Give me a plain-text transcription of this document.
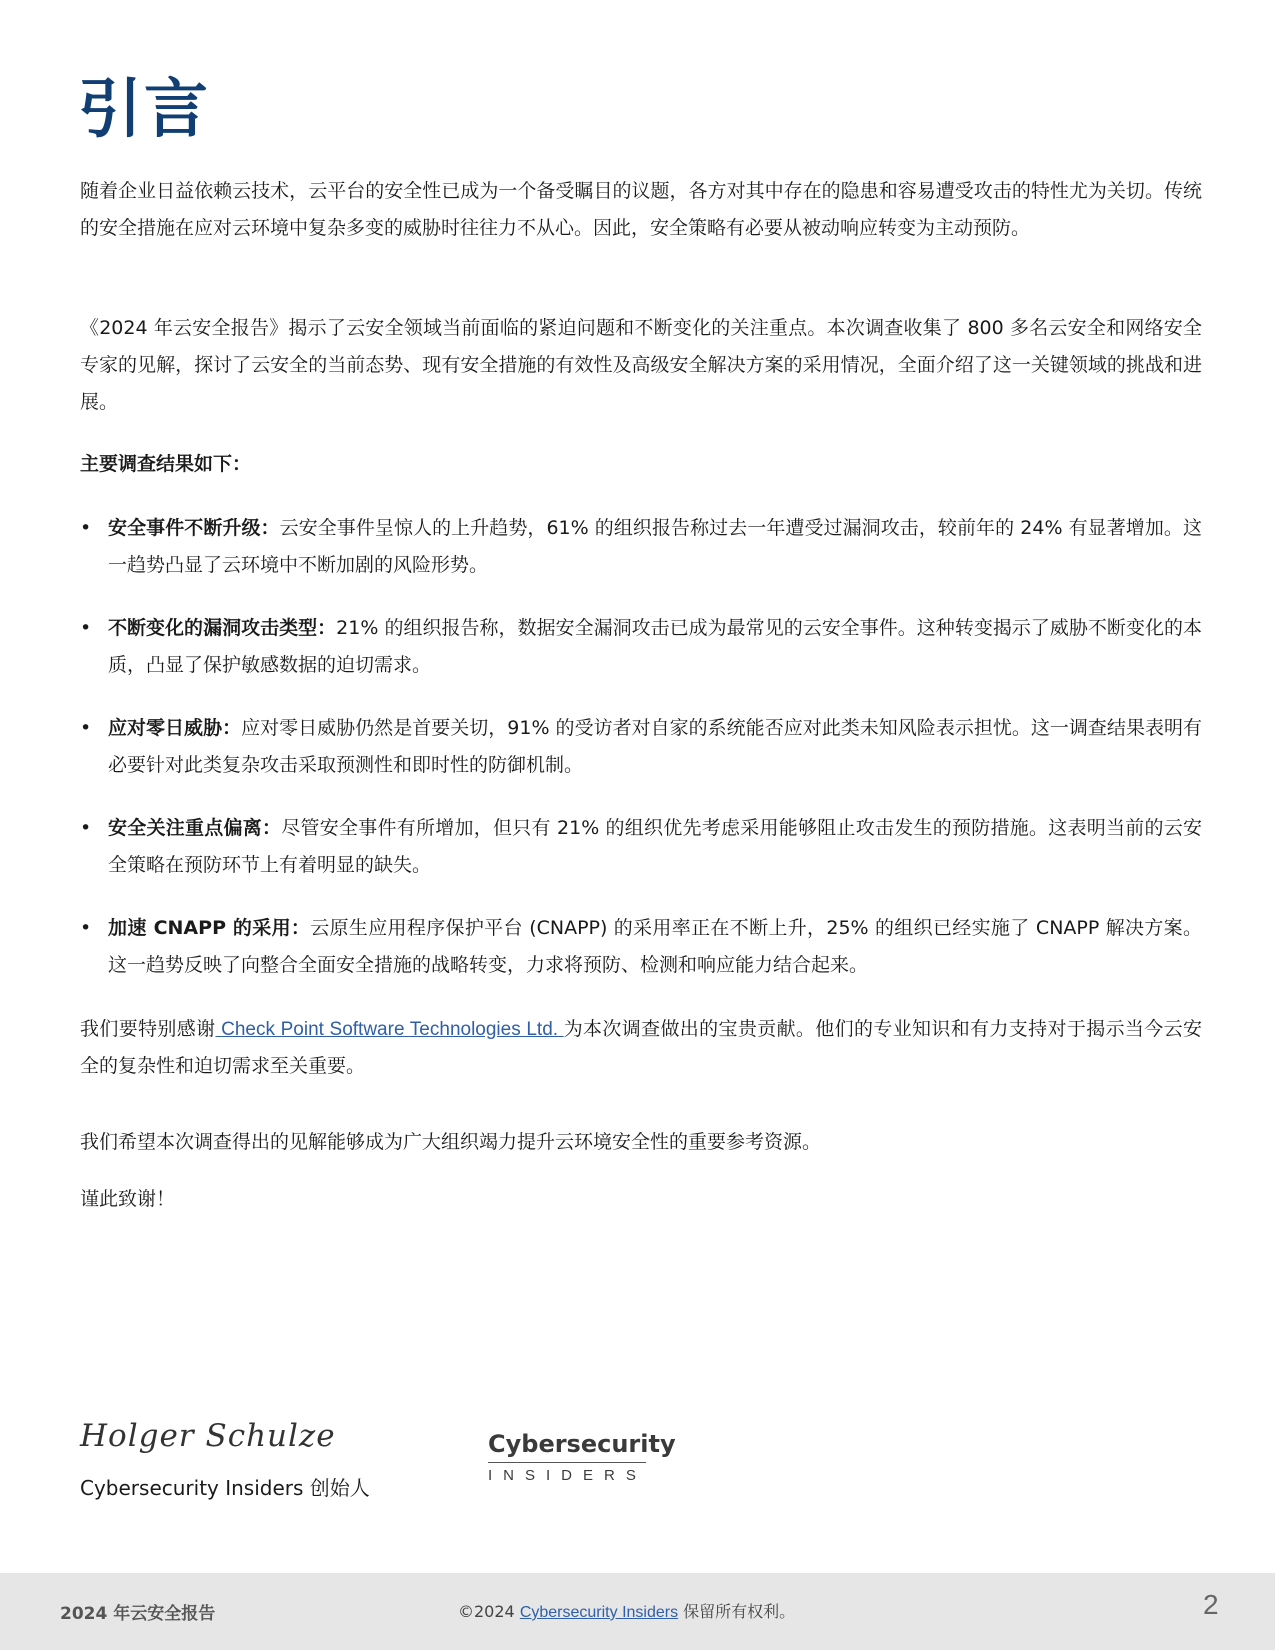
引言
随着企业日益依赖云技术，云平台的安全性已成为一个备受瞩目的议题，各方对其中存在的隐患和容易遭受攻击的特性尤为关切。传统的安全措施在应对云环境中复杂多变的威胁时往往力不从心。因此，安全策略有必要从被动响应转变为主动预防。
《2024 年云安全报告》揭示了云安全领域当前面临的紧迫问题和不断变化的关注重点。本次调查收集了 800 多名云安全和网络安全专家的见解，探讨了云安全的当前态势、现有安全措施的有效性及高级安全解决方案的采用情况，全面介绍了这一关键领域的挑战和进展。
主要调查结果如下：
• 安全事件不断升级：云安全事件呈惊人的上升趋势，61% 的组织报告称过去一年遭受过漏洞攻击，较前年的 24% 有显著增加。这一趋势凸显了云环境中不断加剧的风险形势。
• 不断变化的漏洞攻击类型：21% 的组织报告称，数据安全漏洞攻击已成为最常见的云安全事件。这种转变揭示了威胁不断变化的本质，凸显了保护敏感数据的迫切需求。
• 应对零日威胁：应对零日威胁仍然是首要关切，91% 的受访者对自家的系统能否应对此类未知风险表示担忧。这一调查结果表明有必要针对此类复杂攻击采取预测性和即时性的防御机制。
• 安全关注重点偏离：尽管安全事件有所增加，但只有 21% 的组织优先考虑采用能够阻止攻击发生的预防措施。这表明当前的云安全策略在预防环节上有着明显的缺失。
• 加速 CNAPP 的采用：云原生应用程序保护平台 (CNAPP) 的采用率正在不断上升，25% 的组织已经实施了 CNAPP 解决方案。这一趋势反映了向整合全面安全措施的战略转变，力求将预防、检测和响应能力结合起来。
我们要特别感谢 Check Point Software Technologies Ltd. 为本次调查做出的宝贵贡献。他们的专业知识和有力支持对于揭示当今云安全的复杂性和迫切需求至关重要。
我们希望本次调查得出的见解能够成为广大组织竭力提升云环境安全性的重要参考资源。
谨此致谢！
Holger Schulze
Cybersecurity Insiders 创始人
Cybersecurity
INSIDERS
2024 年云安全报告	©2024 Cybersecurity Insiders 保留所有权利。	2
